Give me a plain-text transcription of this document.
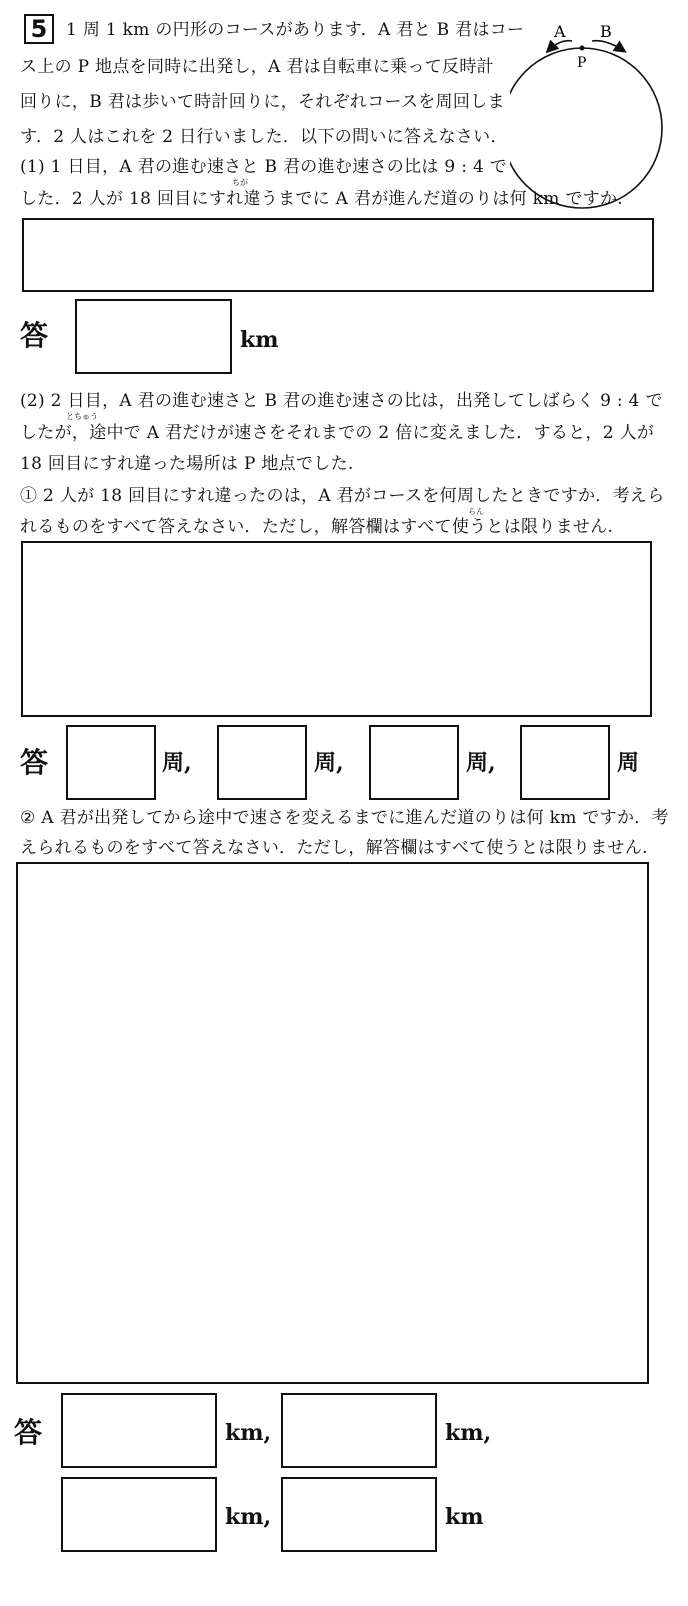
5	1 周 1 km の円形のコースがあります．A 君と B 君はコー
ス上の P 地点を同時に出発し，A 君は自転車に乗って反時計
回りに，B 君は歩いて時計回りに，それぞれコースを周回しま
す．2 人はこれを 2 日行いました．以下の問いに答えなさい．
A B
P
(1) 1 日目，A 君の進む速さと B 君の進む速さの比は 9 : 4 で
ちが
した．2 人が 18 回目にすれ違うまでに A 君が進んだ道のりは何 km ですか.
答	km
(2) 2 日目，A 君の進む速さと B 君の進む速さの比は，出発してしばらく 9 : 4 で
とちゅう
したが，途中で A 君だけが速さをそれまでの 2 倍に変えました．すると，2 人が
18 回目にすれ違った場所は P 地点でした.
① 2 人が 18 回目にすれ違ったのは，A 君がコースを何周したときですか．考えら
らん
れるものをすべて答えなさい．ただし，解答欄はすべて使うとは限りません.
答	周,	周,	周,	周
② A 君が出発してから途中で速さを変えるまでに進んだ道のりは何 km ですか．考
えられるものをすべて答えなさい．ただし，解答欄はすべて使うとは限りません.
答	km,	km,
km,	km
